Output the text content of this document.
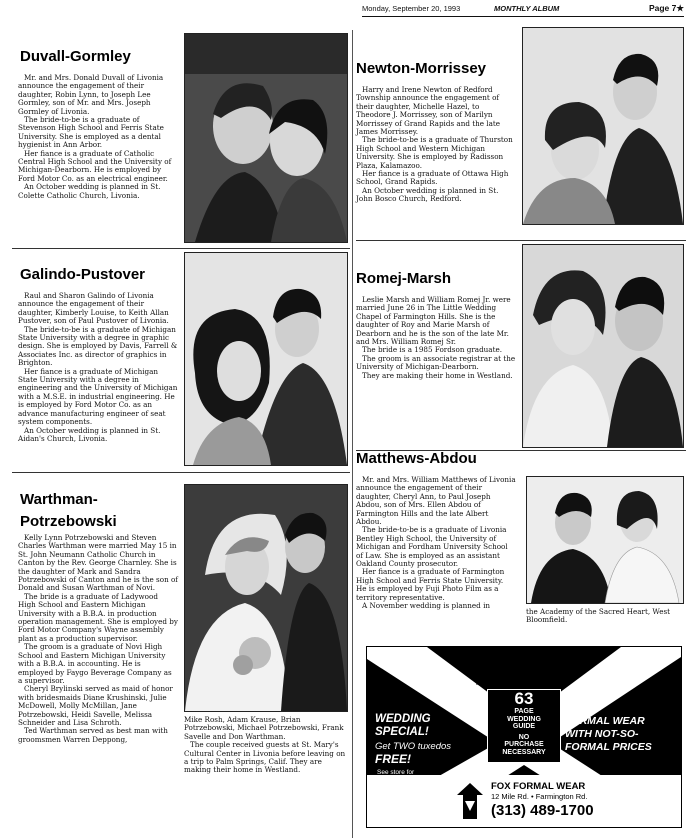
Monday, September 20, 1993	MONTHLY ALBUM	Page 7★
Duvall-Gormley

Mr. and Mrs. Donald Duvall of Livonia announce the engagement of their daughter, Robin Lynn, to Joseph Lee Gormley, son of Mr. and Mrs. Joseph Gormley of Livonia.

The bride-to-be is a graduate of Stevenson High School and Ferris State University. She is employed as a dental hygienist in Ann Arbor.

Her fiance is a graduate of Catholic Central High School and the University of Michigan-Dearborn. He is employed by Ford Motor Co. as an electrical engineer.

An October wedding is planned in St. Colette Catholic Church, Livonia.

Galindo-Pustover

Raul and Sharon Galindo of Livonia announce the engagement of their daughter, Kimberly Louise, to Keith Allan Pustover, son of Paul Pustover of Livonia.

The bride-to-be is a graduate of Michigan State University with a degree in graphic design. She is employed by Davis, Farrell & Associates Inc. as director of graphics in Brighton.

Her fiance is a graduate of Michigan State University with a degree in engineering and the University of Michigan with a M.S.E. in industrial engineering. He is employed by Ford Motor Co. as an advance manufacturing engineer of seat system components.

An October wedding is planned in St. Aidan's Church, Livonia.

Warthman-Potrzebowski

Kelly Lynn Potrzebowski and Steven Charles Warthman were married May 15 in St. John Neumann Catholic Church in Canton by the Rev. George Charnley. She is the daughter of Mark and Sandra Potrzebowski of Canton and he is the son of Donald and Susan Warthman of Novi.

The bride is a graduate of Ladywood High School and Eastern Michigan University with a B.B.A. in production operation management. She is employed by Ford Motor Company's Wayne assembly plant as a production supervisor.

The groom is a graduate of Novi High School and Eastern Michigan University with a B.B.A. in accounting. He is employed by Faygo Beverage Company as a supervisor.

Cheryl Brylinski served as maid of honor with bridesmaids Diane Krushinski, Julie McDowell, Molly McMillan, Jane Potrzebowski, Heidi Savelle, Melissa Schneider and Lisa Schroth.

Ted Warthman served as best man with groomsmen Warren Deppong,

Mike Rosh, Adam Krause, Brian Potrzebowski, Michael Potrzebowski, Frank Savelle and Don Warthman.

The couple received guests at St. Mary's Cultural Center in Livonia before leaving on a trip to Palm Springs, Calif. They are making their home in Westland.

Newton-Morrissey

Harry and Irene Newton of Redford Township announce the engagement of their daughter, Michelle Hazel, to Theodore J. Morrissey, son of Marilyn Morrissey of Grand Rapids and the late James Morrissey.

The bride-to-be is a graduate of Thurston High School and Western Michigan University. She is employed by Radisson Plaza, Kalamazoo.

Her fiance is a graduate of Ottawa High School, Grand Rapids.

An October wedding is planned in St. John Bosco Church, Redford.

Romej-Marsh

Leslie Marsh and William Romej Jr. were married June 26 in The Little Wedding Chapel of Farmington Hills. She is the daughter of Roy and Marie Marsh of Dearborn and he is the son of the late Mr. and Mrs. William Romej Sr.

The bride is a 1985 Fordson graduate.

The groom is an associate registrar at the University of Michigan-Dearborn.

They are making their home in Westland.

Matthews-Abdou

Mr. and Mrs. William Matthews of Livonia announce the engagement of their daughter, Cheryl Ann, to Paul Joseph Abdou, son of Mrs. Ellen Abdou of Farmington Hills and the late Albert Abdou.

The bride-to-be is a graduate of Livonia Bentley High School, the University of Michigan and Fordham University School of Law. She is employed as an assistant Oakland County prosecutor.

Her fiance is a graduate of Farmington High School and Ferris State University. He is employed by Fuji Photo Film as a territory representative.

A November wedding is planned in

the Academy of the Sacred Heart, West Bloomfield.

FREE!
63
PAGE
WEDDING
GUIDE
NO
PURCHASE
NECESSARY
WEDDING
SPECIAL!
Get TWO tuxedos
FREE!
See store for
details
FORMAL WEAR
WITH NOT-SO-
FORMAL PRICES
FOX FORMAL WEAR
12 Mile Rd. • Farmington Rd.
(313) 489-1700
